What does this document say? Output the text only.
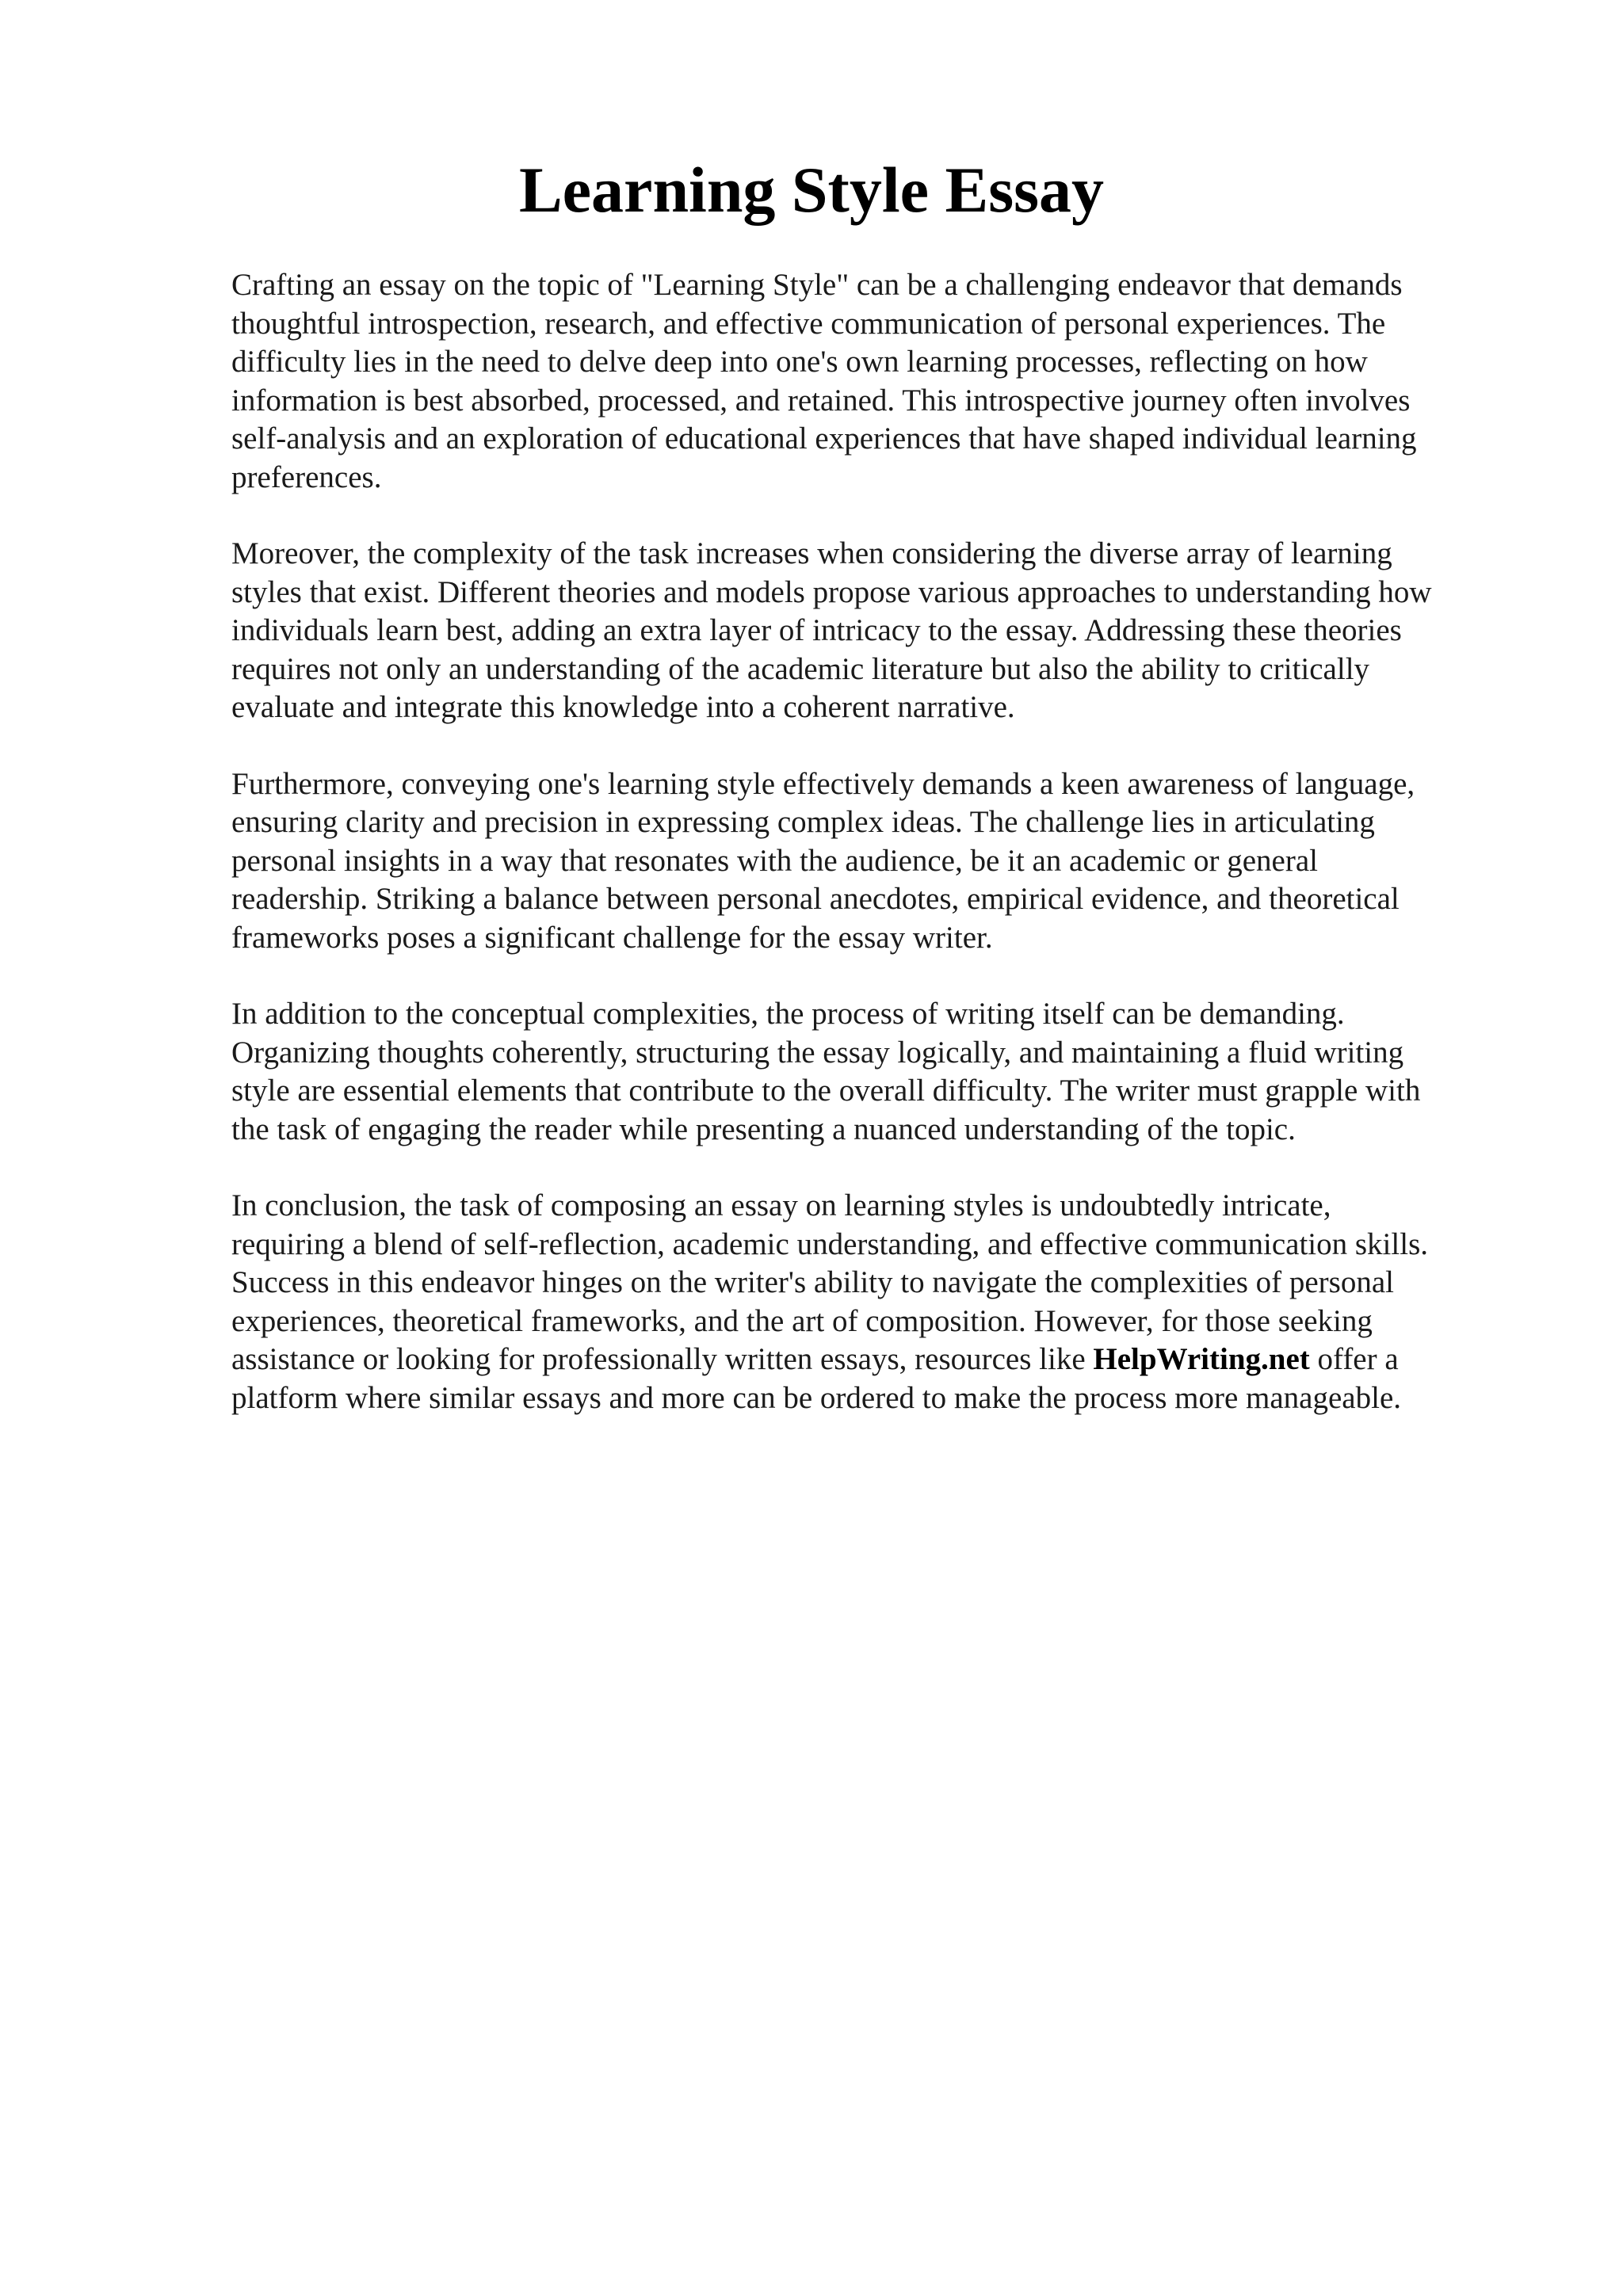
Learning Style Essay

Crafting an essay on the topic of "Learning Style" can be a challenging endeavor that demands
thoughtful introspection, research, and effective communication of personal experiences. The
difficulty lies in the need to delve deep into one's own learning processes, reflecting on how
information is best absorbed, processed, and retained. This introspective journey often involves
self-analysis and an exploration of educational experiences that have shaped individual learning
preferences.

Moreover, the complexity of the task increases when considering the diverse array of learning
styles that exist. Different theories and models propose various approaches to understanding how
individuals learn best, adding an extra layer of intricacy to the essay. Addressing these theories
requires not only an understanding of the academic literature but also the ability to critically
evaluate and integrate this knowledge into a coherent narrative.

Furthermore, conveying one's learning style effectively demands a keen awareness of language,
ensuring clarity and precision in expressing complex ideas. The challenge lies in articulating
personal insights in a way that resonates with the audience, be it an academic or general
readership. Striking a balance between personal anecdotes, empirical evidence, and theoretical
frameworks poses a significant challenge for the essay writer.

In addition to the conceptual complexities, the process of writing itself can be demanding.
Organizing thoughts coherently, structuring the essay logically, and maintaining a fluid writing
style are essential elements that contribute to the overall difficulty. The writer must grapple with
the task of engaging the reader while presenting a nuanced understanding of the topic.

In conclusion, the task of composing an essay on learning styles is undoubtedly intricate,
requiring a blend of self-reflection, academic understanding, and effective communication skills.
Success in this endeavor hinges on the writer's ability to navigate the complexities of personal
experiences, theoretical frameworks, and the art of composition. However, for those seeking
assistance or looking for professionally written essays, resources like HelpWriting.net offer a
platform where similar essays and more can be ordered to make the process more manageable.
